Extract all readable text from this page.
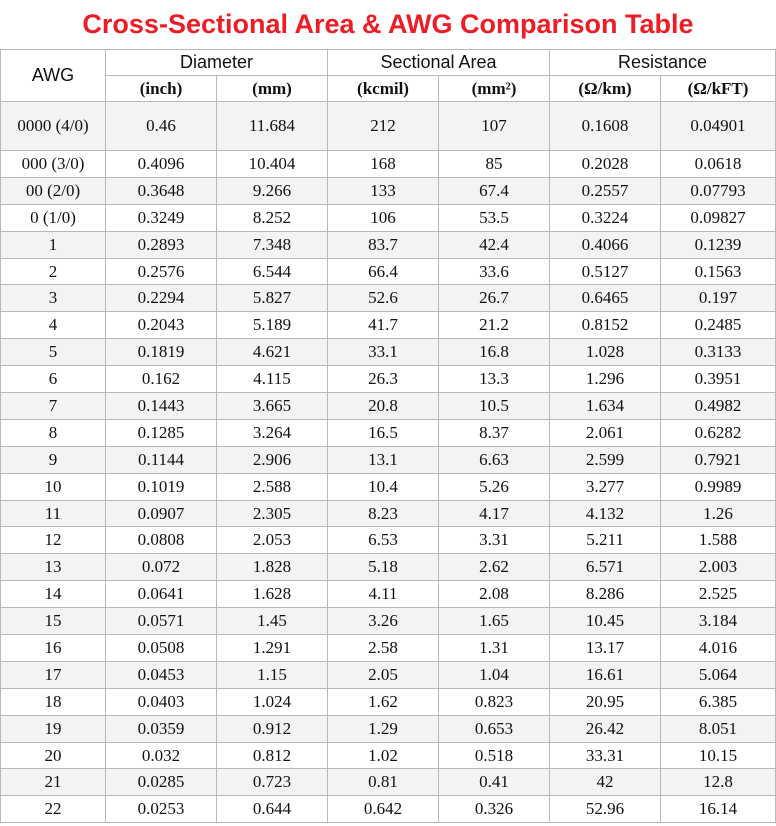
Cross-Sectional Area & AWG Comparison Table
AWG	Diameter		Sectional Area		Resistance	
	(inch)	(mm)	(kcmil)	(mm²)	(Ω/km)	(Ω/kFT)
0000 (4/0)	0.46	11.684	212	107	0.1608	0.04901
000 (3/0)	0.4096	10.404	168	85	0.2028	0.0618
00 (2/0)	0.3648	9.266	133	67.4	0.2557	0.07793
0 (1/0)	0.3249	8.252	106	53.5	0.3224	0.09827
1	0.2893	7.348	83.7	42.4	0.4066	0.1239
2	0.2576	6.544	66.4	33.6	0.5127	0.1563
3	0.2294	5.827	52.6	26.7	0.6465	0.197
4	0.2043	5.189	41.7	21.2	0.8152	0.2485
5	0.1819	4.621	33.1	16.8	1.028	0.3133
6	0.162	4.115	26.3	13.3	1.296	0.3951
7	0.1443	3.665	20.8	10.5	1.634	0.4982
8	0.1285	3.264	16.5	8.37	2.061	0.6282
9	0.1144	2.906	13.1	6.63	2.599	0.7921
10	0.1019	2.588	10.4	5.26	3.277	0.9989
11	0.0907	2.305	8.23	4.17	4.132	1.26
12	0.0808	2.053	6.53	3.31	5.211	1.588
13	0.072	1.828	5.18	2.62	6.571	2.003
14	0.0641	1.628	4.11	2.08	8.286	2.525
15	0.0571	1.45	3.26	1.65	10.45	3.184
16	0.0508	1.291	2.58	1.31	13.17	4.016
17	0.0453	1.15	2.05	1.04	16.61	5.064
18	0.0403	1.024	1.62	0.823	20.95	6.385
19	0.0359	0.912	1.29	0.653	26.42	8.051
20	0.032	0.812	1.02	0.518	33.31	10.15
21	0.0285	0.723	0.81	0.41	42	12.8
22	0.0253	0.644	0.642	0.326	52.96	16.14
